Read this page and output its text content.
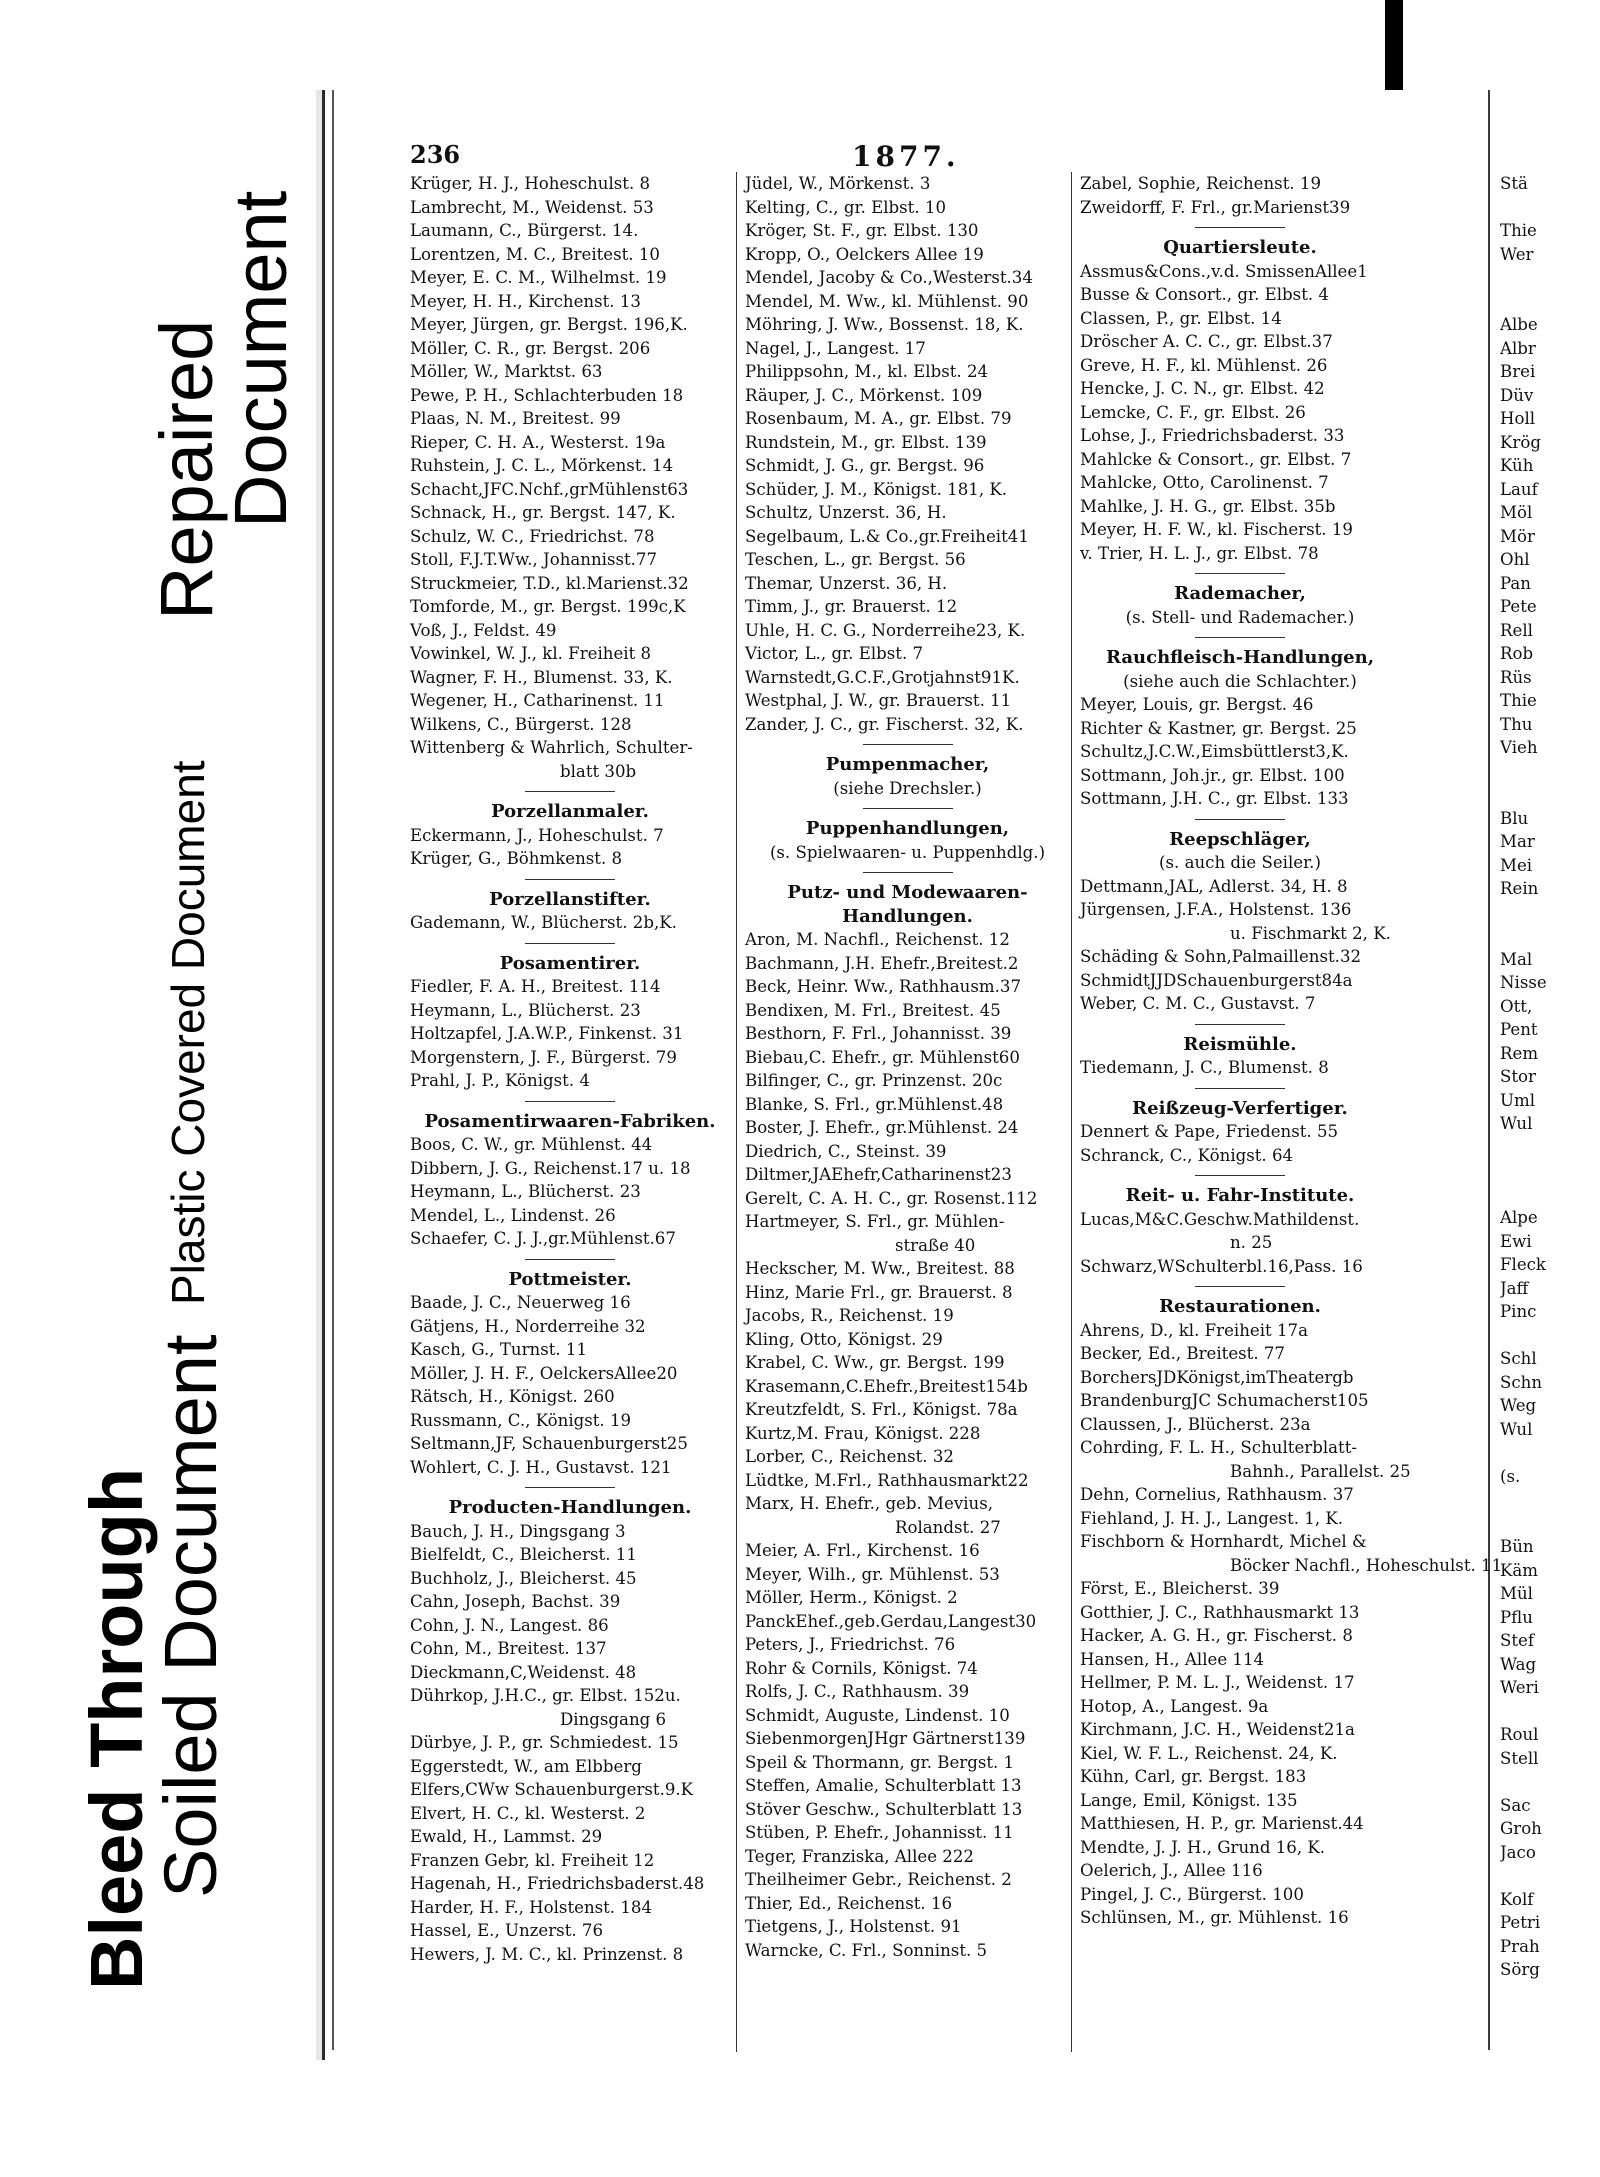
Repaired
Document
Plastic Covered Document
Bleed Through
Soiled Document
236	1877.
Krüger, H. J., Hoheschulst. 8
Lambrecht, M., Weidenst. 53
Laumann, C., Bürgerst. 14.
Lorentzen, M. C., Breitest. 10
Meyer, E. C. M., Wilhelmst. 19
Meyer, H. H., Kirchenst. 13
Meyer, Jürgen, gr. Bergst. 196,K.
Möller, C. R., gr. Bergst. 206
Möller, W., Marktst. 63
Pewe, P. H., Schlachterbuden 18
Plaas, N. M., Breitest. 99
Rieper, C. H. A., Westerst. 19a
Ruhstein, J. C. L., Mörkenst. 14
Schacht,JFC.Nchf.,grMühlenst63
Schnack, H., gr. Bergst. 147, K.
Schulz, W. C., Friedrichst. 78
Stoll, F.J.T.Ww., Johannisst.77
Struckmeier, T.D., kl.Marienst.32
Tomforde, M., gr. Bergst. 199c,K
Voß, J., Feldst. 49
Vowinkel, W. J., kl. Freiheit 8
Wagner, F. H., Blumenst. 33, K.
Wegener, H., Catharinenst. 11
Wilkens, C., Bürgerst. 128
Wittenberg & Wahrlich, Schulter-
blatt 30b
Porzellanmaler.
Eckermann, J., Hoheschulst. 7
Krüger, G., Böhmkenst. 8
Porzellanstifter.
Gademann, W., Blücherst. 2b,K.
Posamentirer.
Fiedler, F. A. H., Breitest. 114
Heymann, L., Blücherst. 23
Holtzapfel, J.A.W.P., Finkenst. 31
Morgenstern, J. F., Bürgerst. 79
Prahl, J. P., Königst. 4
Posamentirwaaren-Fabriken.
Boos, C. W., gr. Mühlenst. 44
Dibbern, J. G., Reichenst.17 u. 18
Heymann, L., Blücherst. 23
Mendel, L., Lindenst. 26
Schaefer, C. J. J.,gr.Mühlenst.67
Pottmeister.
Baade, J. C., Neuerweg 16
Gätjens, H., Norderreihe 32
Kasch, G., Turnst. 11
Möller, J. H. F., OelckersAllee20
Rätsch, H., Königst. 260
Russmann, C., Königst. 19
Seltmann,JF, Schauenburgerst25
Wohlert, C. J. H., Gustavst. 121
Producten-Handlungen.
Bauch, J. H., Dingsgang 3
Bielfeldt, C., Bleicherst. 11
Buchholz, J., Bleicherst. 45
Cahn, Joseph, Bachst. 39
Cohn, J. N., Langest. 86
Cohn, M., Breitest. 137
Dieckmann,C,Weidenst. 48
Dührkop, J.H.C., gr. Elbst. 152u.
Dingsgang 6
Dürbye, J. P., gr. Schmiedest. 15
Eggerstedt, W., am Elbberg
Elfers,CWw Schauenburgerst.9.K
Elvert, H. C., kl. Westerst. 2
Ewald, H., Lammst. 29
Franzen Gebr, kl. Freiheit 12
Hagenah, H., Friedrichsbaderst.48
Harder, H. F., Holstenst. 184
Hassel, E., Unzerst. 76
Hewers, J. M. C., kl. Prinzenst. 8
Jüdel, W., Mörkenst. 3
Kelting, C., gr. Elbst. 10
Kröger, St. F., gr. Elbst. 130
Kropp, O., Oelckers Allee 19
Mendel, Jacoby & Co.,Westerst.34
Mendel, M. Ww., kl. Mühlenst. 90
Möhring, J. Ww., Bossenst. 18, K.
Nagel, J., Langest. 17
Philippsohn, M., kl. Elbst. 24
Räuper, J. C., Mörkenst. 109
Rosenbaum, M. A., gr. Elbst. 79
Rundstein, M., gr. Elbst. 139
Schmidt, J. G., gr. Bergst. 96
Schüder, J. M., Königst. 181, K.
Schultz, Unzerst. 36, H.
Segelbaum, L.& Co.,gr.Freiheit41
Teschen, L., gr. Bergst. 56
Themar, Unzerst. 36, H.
Timm, J., gr. Brauerst. 12
Uhle, H. C. G., Norderreihe23, K.
Victor, L., gr. Elbst. 7
Warnstedt,G.C.F.,Grotjahnst91K.
Westphal, J. W., gr. Brauerst. 11
Zander, J. C., gr. Fischerst. 32, K.
Pumpenmacher,
(siehe Drechsler.)
Puppenhandlungen,
(s. Spielwaaren- u. Puppenhdlg.)
Putz- und Modewaaren-
Handlungen.
Aron, M. Nachfl., Reichenst. 12
Bachmann, J.H. Ehefr.,Breitest.2
Beck, Heinr. Ww., Rathhausm.37
Bendixen, M. Frl., Breitest. 45
Besthorn, F. Frl., Johannisst. 39
Biebau,C. Ehefr., gr. Mühlenst60
Bilfinger, C., gr. Prinzenst. 20c
Blanke, S. Frl., gr.Mühlenst.48
Boster, J. Ehefr., gr.Mühlenst. 24
Diedrich, C., Steinst. 39
Diltmer,JAEhefr,Catharinenst23
Gerelt, C. A. H. C., gr. Rosenst.112
Hartmeyer, S. Frl., gr. Mühlen-
straße 40
Heckscher, M. Ww., Breitest. 88
Hinz, Marie Frl., gr. Brauerst. 8
Jacobs, R., Reichenst. 19
Kling, Otto, Königst. 29
Krabel, C. Ww., gr. Bergst. 199
Krasemann,C.Ehefr.,Breitest154b
Kreutzfeldt, S. Frl., Königst. 78a
Kurtz,M. Frau, Königst. 228
Lorber, C., Reichenst. 32
Lüdtke, M.Frl., Rathhausmarkt22
Marx, H. Ehefr., geb. Mevius,
Rolandst. 27
Meier, A. Frl., Kirchenst. 16
Meyer, Wilh., gr. Mühlenst. 53
Möller, Herm., Königst. 2
PanckEhef.,geb.Gerdau,Langest30
Peters, J., Friedrichst. 76
Rohr & Cornils, Königst. 74
Rolfs, J. C., Rathhausm. 39
Schmidt, Auguste, Lindenst. 10
SiebenmorgenJHgr Gärtnerst139
Speil & Thormann, gr. Bergst. 1
Steffen, Amalie, Schulterblatt 13
Stöver Geschw., Schulterblatt 13
Stüben, P. Ehefr., Johannisst. 11
Teger, Franziska, Allee 222
Theilheimer Gebr., Reichenst. 2
Thier, Ed., Reichenst. 16
Tietgens, J., Holstenst. 91
Warncke, C. Frl., Sonninst. 5
Zabel, Sophie, Reichenst. 19
Zweidorff, F. Frl., gr.Marienst39
Quartiersleute.
Assmus&Cons.,v.d. SmissenAllee1
Busse & Consort., gr. Elbst. 4
Classen, P., gr. Elbst. 14
Dröscher A. C. C., gr. Elbst.37
Greve, H. F., kl. Mühlenst. 26
Hencke, J. C. N., gr. Elbst. 42
Lemcke, C. F., gr. Elbst. 26
Lohse, J., Friedrichsbaderst. 33
Mahlcke & Consort., gr. Elbst. 7
Mahlcke, Otto, Carolinenst. 7
Mahlke, J. H. G., gr. Elbst. 35b
Meyer, H. F. W., kl. Fischerst. 19
v. Trier, H. L. J., gr. Elbst. 78
Rademacher,
(s. Stell- und Rademacher.)
Rauchfleisch-Handlungen,
(siehe auch die Schlachter.)
Meyer, Louis, gr. Bergst. 46
Richter & Kastner, gr. Bergst. 25
Schultz,J.C.W.,Eimsbüttlerst3,K.
Sottmann, Joh.jr., gr. Elbst. 100
Sottmann, J.H. C., gr. Elbst. 133
Reepschläger,
(s. auch die Seiler.)
Dettmann,JAL, Adlerst. 34, H. 8
Jürgensen, J.F.A., Holstenst. 136
u. Fischmarkt 2, K.
Schäding & Sohn,Palmaillenst.32
SchmidtJJDSchauenburgerst84a
Weber, C. M. C., Gustavst. 7
Reismühle.
Tiedemann, J. C., Blumenst. 8
Reißzeug-Verfertiger.
Dennert & Pape, Friedenst. 55
Schranck, C., Königst. 64
Reit- u. Fahr-Institute.
Lucas,M&C.Geschw.Mathildenst.
n. 25
Schwarz,WSchulterbl.16,Pass. 16
Restaurationen.
Ahrens, D., kl. Freiheit 17a
Becker, Ed., Breitest. 77
BorchersJDKönigst,imTheatergb
BrandenburgJC Schumacherst105
Claussen, J., Blücherst. 23a
Cohrding, F. L. H., Schulterblatt-
Bahnh., Parallelst. 25
Dehn, Cornelius, Rathhausm. 37
Fiehland, J. H. J., Langest. 1, K.
Fischborn & Hornhardt, Michel &
Böcker Nachfl., Hoheschulst. 11
Först, E., Bleicherst. 39
Gotthier, J. C., Rathhausmarkt 13
Hacker, A. G. H., gr. Fischerst. 8
Hansen, H., Allee 114
Hellmer, P. M. L. J., Weidenst. 17
Hotop, A., Langest. 9a
Kirchmann, J.C. H., Weidenst21a
Kiel, W. F. L., Reichenst. 24, K.
Kühn, Carl, gr. Bergst. 183
Lange, Emil, Königst. 135
Matthiesen, H. P., gr. Marienst.44
Mendte, J. J. H., Grund 16, K.
Oelerich, J., Allee 116
Pingel, J. C., Bürgerst. 100
Schlünsen, M., gr. Mühlenst. 16
Stä
Thie
Wer
Albe
Albr
Brei
Düv
Holl
Krög
Küh
Lauf
Möl
Mör
Ohl
Pan
Pete
Rell
Rob
Rüs
Thie
Thu
Vieh
Blu
Mar
Mei
Rein
Mal
Nisse
Ott,
Pent
Rem
Stor
Uml
Wul
Alpe
Ewi
Fleck
Jaff
Pinc
Schl
Schn
Weg
Wul
(s.
Bün
Käm
Mül
Pflu
Stef
Wag
Weri
Roul
Stell
Sac
Groh
Jaco
Kolf
Petri
Prah
Sörg
